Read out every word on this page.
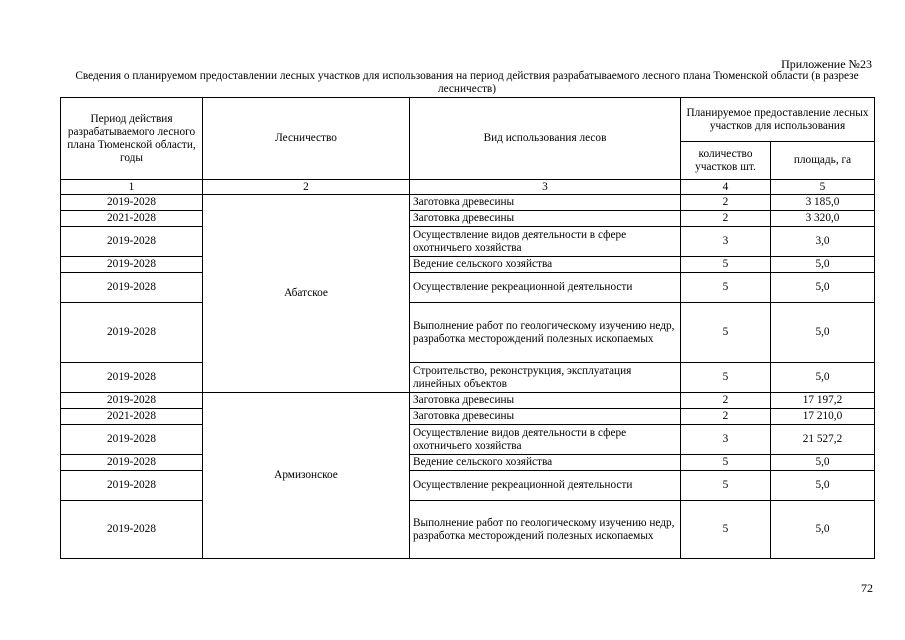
Приложение №23
Сведения о планируемом предоставлении лесных участков для использования на период действия разрабатываемого лесного плана Тюменской области (в разрезе лесничеств)
Период действия разрабатываемого лесного плана Тюменской области, годы	Лесничество	Вид использования лесов	Планируемое предоставление лесных участков для использования	
			количество участков шт.	площадь, га
1	2	3	4	5
2019-2028	Абатское	Заготовка древесины	2	3 185,0
2021-2028		Заготовка древесины	2	3 320,0
2019-2028		Осуществление видов деятельности в сфере охотничьего хозяйства	3	3,0
2019-2028		Ведение сельского хозяйства	5	5,0
2019-2028		Осуществление рекреационной деятельности	5	5,0
2019-2028		Выполнение работ по геологическому изучению недр, разработка месторождений полезных ископаемых	5	5,0
2019-2028		Строительство, реконструкция, эксплуатация линейных объектов	5	5,0
2019-2028	Армизонское	Заготовка древесины	2	17 197,2
2021-2028		Заготовка древесины	2	17 210,0
2019-2028		Осуществление видов деятельности в сфере охотничьего хозяйства	3	21 527,2
2019-2028		Ведение сельского хозяйства	5	5,0
2019-2028		Осуществление рекреационной деятельности	5	5,0
2019-2028		Выполнение работ по геологическому изучению недр, разработка месторождений полезных ископаемых	5	5,0
72
